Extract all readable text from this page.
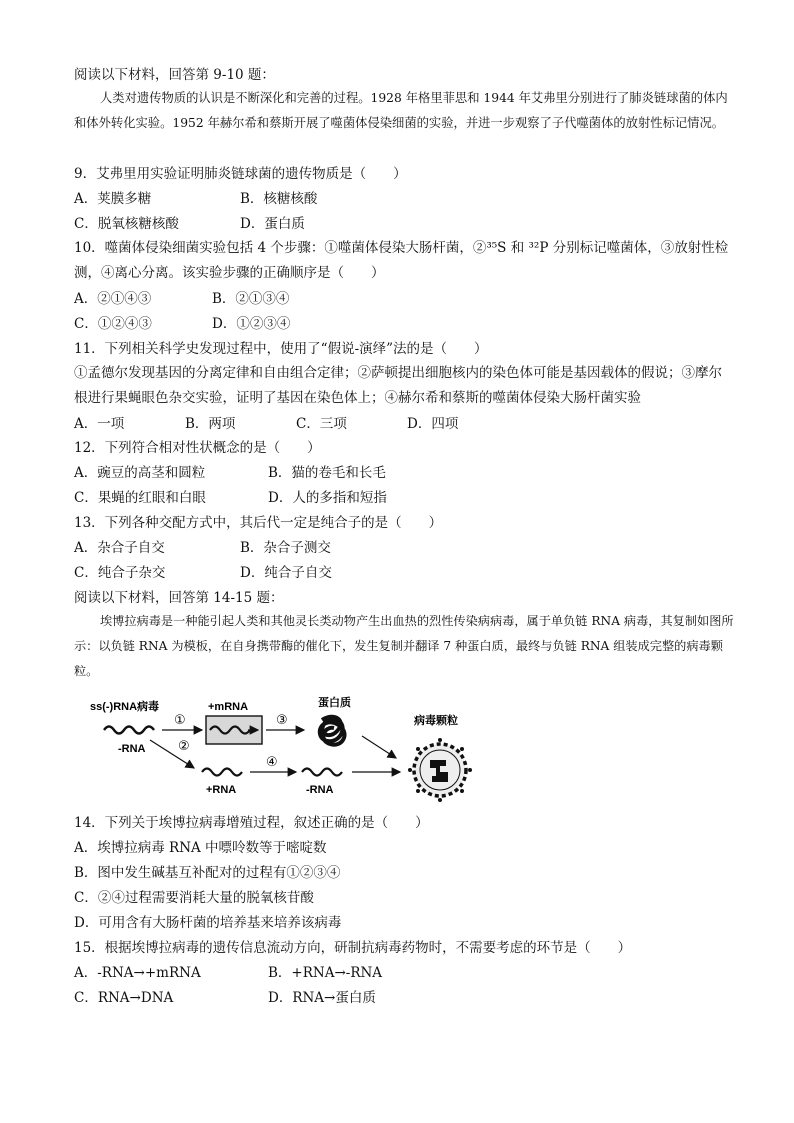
阅读以下材料，回答第 9-10 题：
人类对遗传物质的认识是不断深化和完善的过程。1928 年格里菲思和 1944 年艾弗里分别进行了肺炎链球菌的体内和体外转化实验。1952 年赫尔希和蔡斯开展了噬菌体侵染细菌的实验，并进一步观察了子代噬菌体的放射性标记情况。
9．艾弗里用实验证明肺炎链球菌的遗传物质是（　　）
A．荚膜多糖	B．核糖核酸
C．脱氧核糖核酸	D．蛋白质
10．噬菌体侵染细菌实验包括 4 个步骤：①噬菌体侵染大肠杆菌，②³⁵S 和 ³²P 分别标记噬菌体，③放射性检测，④离心分离。该实验步骤的正确顺序是（　　）
A．②①④③	B．②①③④
C．①②④③	D．①②③④
11．下列相关科学史发现过程中，使用了“假说-演绎”法的是（　　）
①孟德尔发现基因的分离定律和自由组合定律；②萨顿提出细胞核内的染色体可能是基因载体的假说；③摩尔根进行果蝇眼色杂交实验，证明了基因在染色体上；④赫尔希和蔡斯的噬菌体侵染大肠杆菌实验
A．一项	B．两项	C．三项	D．四项
12．下列符合相对性状概念的是（　　）
A．豌豆的高茎和圆粒	B．猫的卷毛和长毛
C．果蝇的红眼和白眼	D．人的多指和短指
13．下列各种交配方式中，其后代一定是纯合子的是（　　）
A．杂合子自交	B．杂合子测交
C．纯合子杂交	D．纯合子自交
阅读以下材料，回答第 14-15 题：
埃博拉病毒是一种能引起人类和其他灵长类动物产生出血热的烈性传染病病毒，属于单负链 RNA 病毒，其复制如图所示：以负链 RNA 为模板，在自身携带酶的催化下，发生复制并翻译 7 种蛋白质，最终与负链 RNA 组装成完整的病毒颗粒。
ss(-)RNA病毒
-RNA
①
+mRNA
③
蛋白质
病毒颗粒
②
+RNA
④
-RNA
14．下列关于埃博拉病毒增殖过程，叙述正确的是（　　）
A．埃博拉病毒 RNA 中嘌呤数等于嘧啶数
B．图中发生碱基互补配对的过程有①②③④
C．②④过程需要消耗大量的脱氧核苷酸
D．可用含有大肠杆菌的培养基来培养该病毒
15．根据埃博拉病毒的遗传信息流动方向，研制抗病毒药物时，不需要考虑的环节是（　　）
A．-RNA→+mRNA	B．+RNA→-RNA
C．RNA→DNA	D．RNA→蛋白质
